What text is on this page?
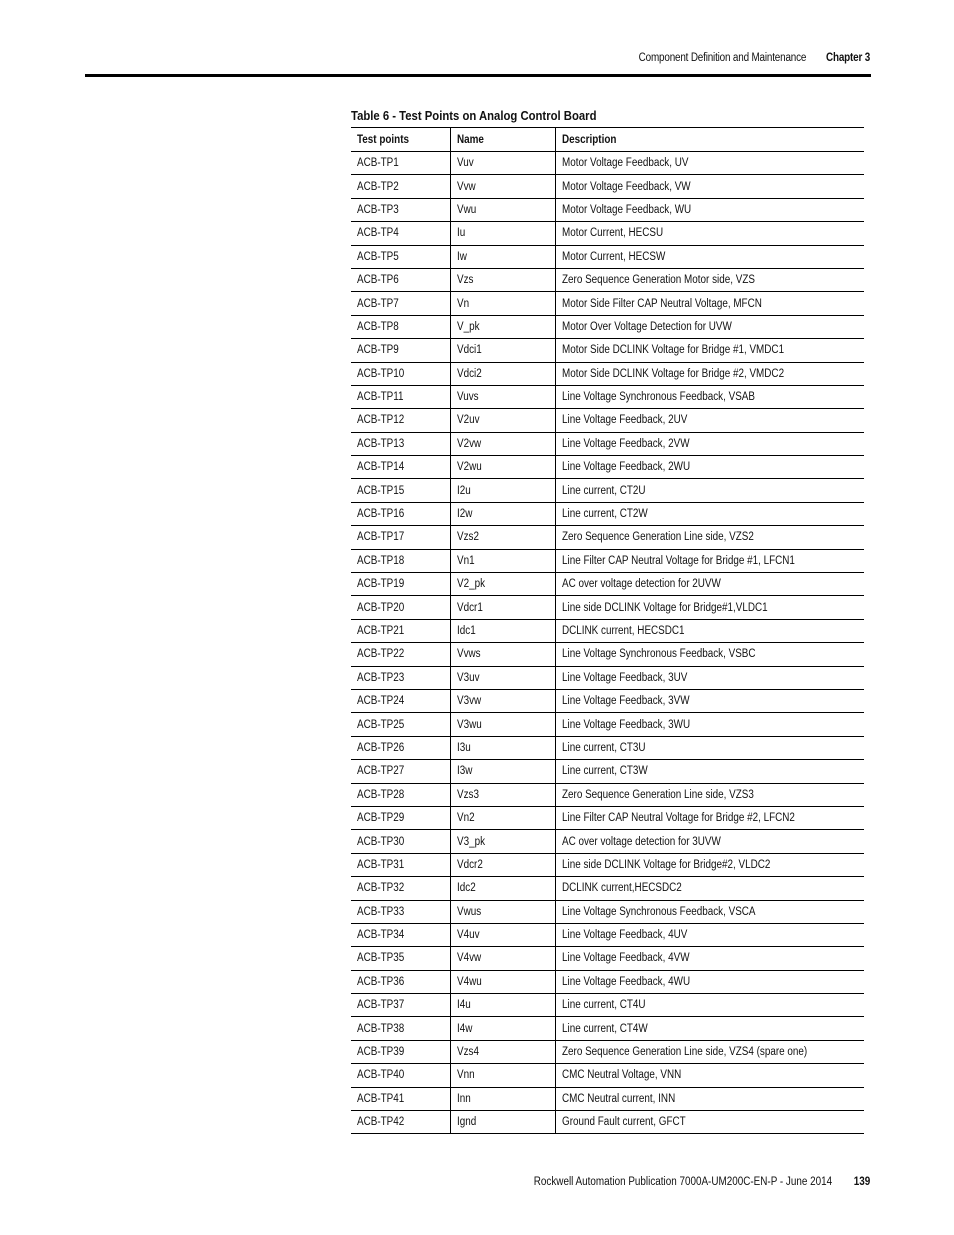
Component Definition and Maintenance Chapter 3
Table 6 - Test Points on Analog Control Board
Test points	Name	Description
ACB-TP1	Vuv	Motor Voltage Feedback, UV
ACB-TP2	Vvw	Motor Voltage Feedback, VW
ACB-TP3	Vwu	Motor Voltage Feedback, WU
ACB-TP4	Iu	Motor Current, HECSU
ACB-TP5	Iw	Motor Current, HECSW
ACB-TP6	Vzs	Zero Sequence Generation Motor side, VZS
ACB-TP7	Vn	Motor Side Filter CAP Neutral Voltage, MFCN
ACB-TP8	V_pk	Motor Over Voltage Detection for UVW
ACB-TP9	Vdci1	Motor Side DCLINK Voltage for Bridge #1, VMDC1
ACB-TP10	Vdci2	Motor Side DCLINK Voltage for Bridge #2, VMDC2
ACB-TP11	Vuvs	Line Voltage Synchronous Feedback, VSAB
ACB-TP12	V2uv	Line Voltage Feedback, 2UV
ACB-TP13	V2vw	Line Voltage Feedback, 2VW
ACB-TP14	V2wu	Line Voltage Feedback, 2WU
ACB-TP15	I2u	Line current, CT2U
ACB-TP16	I2w	Line current, CT2W
ACB-TP17	Vzs2	Zero Sequence Generation Line side, VZS2
ACB-TP18	Vn1	Line Filter CAP Neutral Voltage for Bridge #1, LFCN1
ACB-TP19	V2_pk	AC over voltage detection for 2UVW
ACB-TP20	Vdcr1	Line side DCLINK Voltage for Bridge#1,VLDC1
ACB-TP21	Idc1	DCLINK current, HECSDC1
ACB-TP22	Vvws	Line Voltage Synchronous Feedback, VSBC
ACB-TP23	V3uv	Line Voltage Feedback, 3UV
ACB-TP24	V3vw	Line Voltage Feedback, 3VW
ACB-TP25	V3wu	Line Voltage Feedback, 3WU
ACB-TP26	I3u	Line current, CT3U
ACB-TP27	I3w	Line current, CT3W
ACB-TP28	Vzs3	Zero Sequence Generation Line side, VZS3
ACB-TP29	Vn2	Line Filter CAP Neutral Voltage for Bridge #2, LFCN2
ACB-TP30	V3_pk	AC over voltage detection for 3UVW
ACB-TP31	Vdcr2	Line side DCLINK Voltage for Bridge#2, VLDC2
ACB-TP32	Idc2	DCLINK current,HECSDC2
ACB-TP33	Vwus	Line Voltage Synchronous Feedback, VSCA
ACB-TP34	V4uv	Line Voltage Feedback, 4UV
ACB-TP35	V4vw	Line Voltage Feedback, 4VW
ACB-TP36	V4wu	Line Voltage Feedback, 4WU
ACB-TP37	I4u	Line current, CT4U
ACB-TP38	I4w	Line current, CT4W
ACB-TP39	Vzs4	Zero Sequence Generation Line side, VZS4 (spare one)
ACB-TP40	Vnn	CMC Neutral Voltage, VNN
ACB-TP41	Inn	CMC Neutral current, INN
ACB-TP42	Ignd	Ground Fault current, GFCT
Rockwell Automation Publication 7000A-UM200C-EN-P - June 2014 139
